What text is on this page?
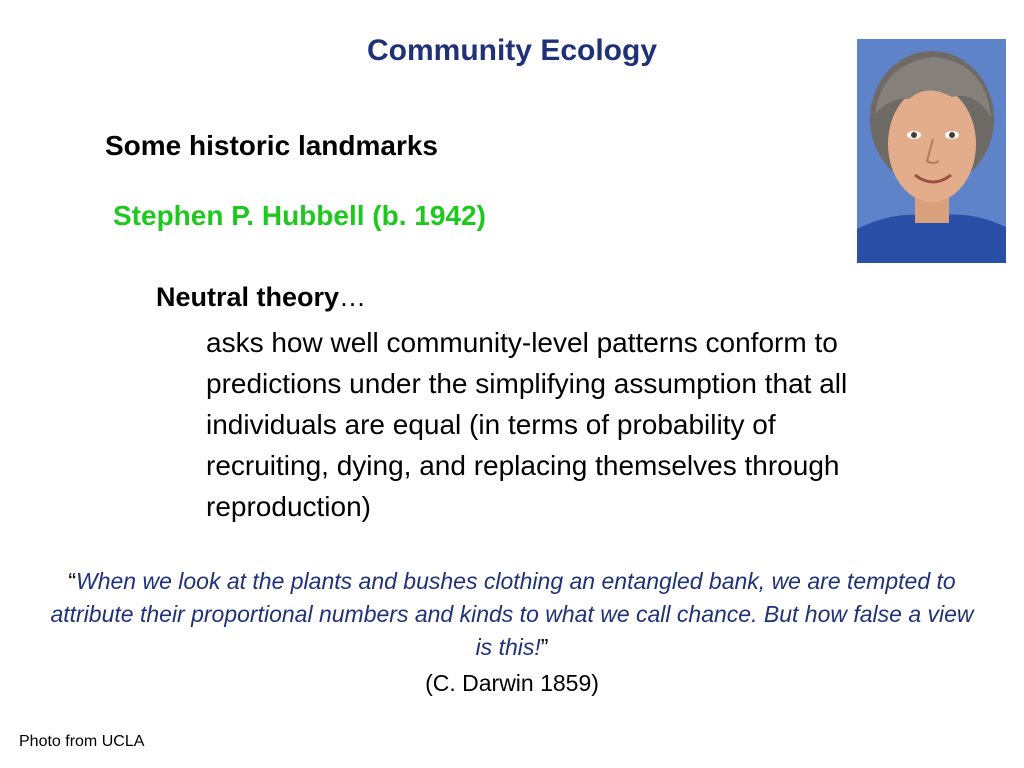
Community Ecology
Some historic landmarks
Stephen P. Hubbell (b. 1942)
Neutral theory…
asks how well community-level patterns conform to
predictions under the simplifying assumption that all
individuals are equal (in terms of probability of
recruiting, dying, and replacing themselves through
reproduction)
“When we look at the plants and bushes clothing an entangled bank, we are tempted to attribute their proportional numbers and kinds to what we call chance. But how false a view is this!”
(C. Darwin 1859)
Photo from UCLA
